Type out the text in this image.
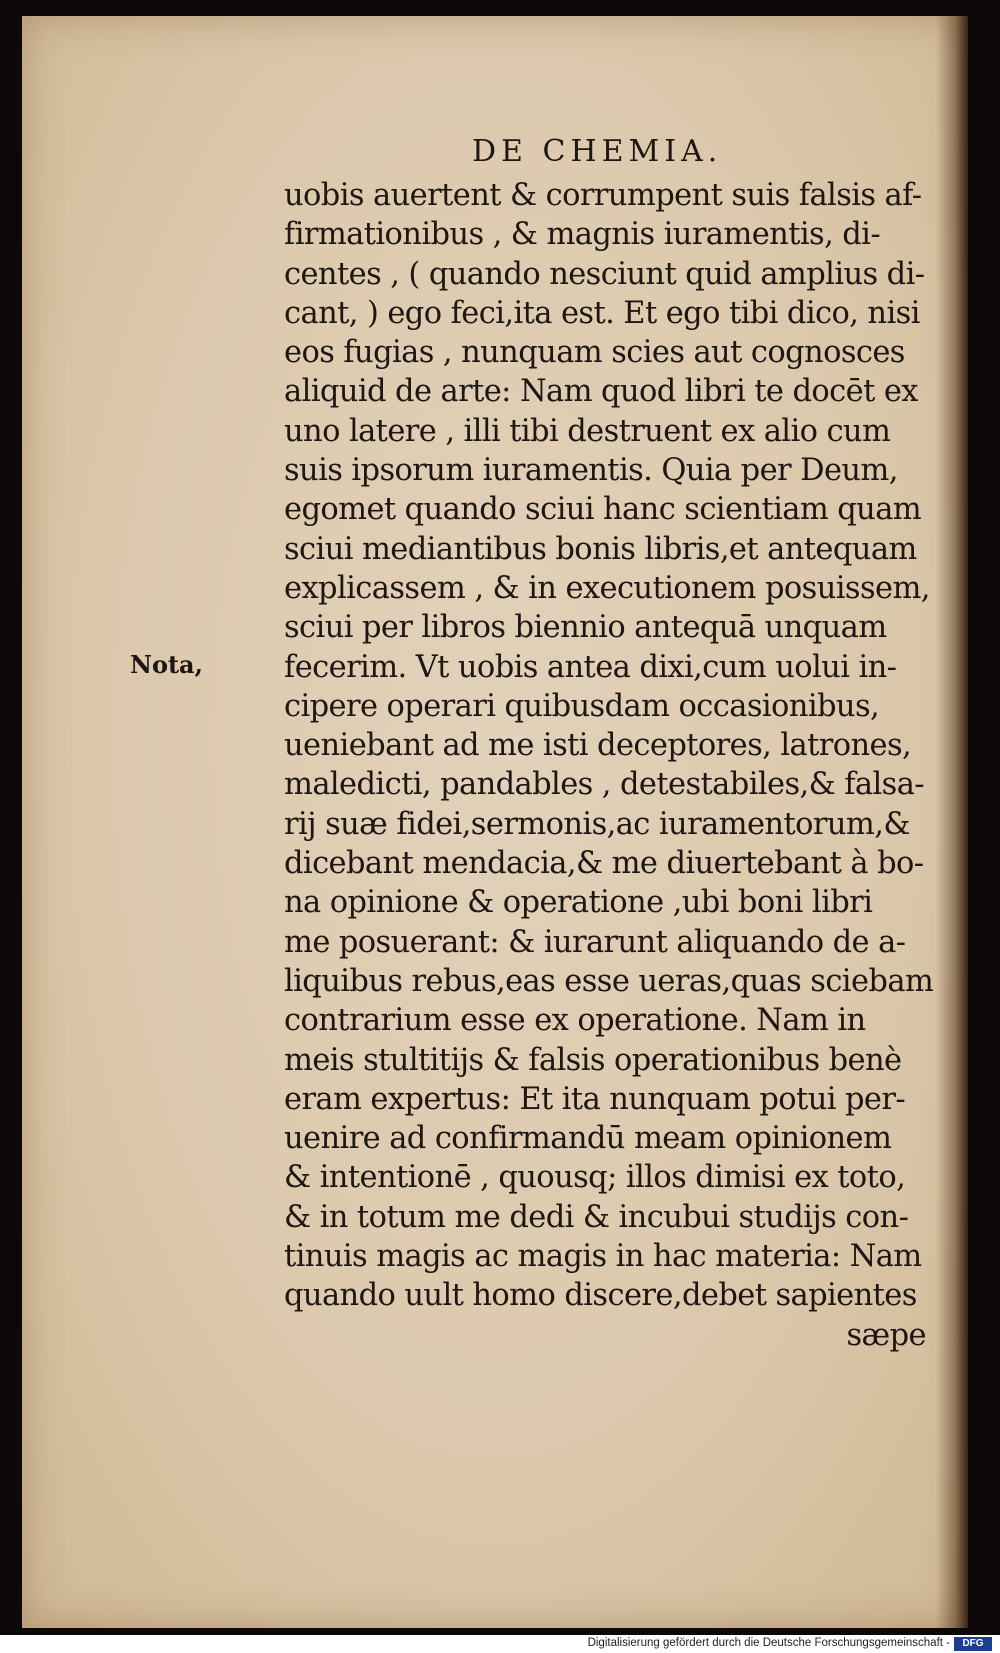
DE CHEMIA.
Nota,
uobis auertent & corrumpent suis falsis af-
firmationibus , & magnis iuramentis, di-
centes , ( quando nesciunt quid amplius di-
cant, ) ego feci,ita est. Et ego tibi dico, nisi
eos fugias , nunquam scies aut cognosces
aliquid de arte: Nam quod libri te docēt ex
uno latere , illi tibi destruent ex alio cum
suis ipsorum iuramentis. Quia per Deum,
egomet quando sciui hanc scientiam quam
sciui mediantibus bonis libris,et antequam
explicassem , & in executionem posuissem,
sciui per libros biennio antequā unquam
fecerim. Vt uobis antea dixi,cum uolui in-
cipere operari quibusdam occasionibus,
ueniebant ad me isti deceptores, latrones,
maledicti, pandables , detestabiles,& falsa-
rij suæ fidei,sermonis,ac iuramentorum,&
dicebant mendacia,& me diuertebant à bo-
na opinione & operatione ,ubi boni libri
me posuerant: & iurarunt aliquando de a-
liquibus rebus,eas esse ueras,quas sciebam
contrarium esse ex operatione. Nam in
meis stultitijs & falsis operationibus benè
eram expertus: Et ita nunquam potui per-
uenire ad confirmandū meam opinionem
& intentionē , quousq; illos dimisi ex toto,
& in totum me dedi & incubui studijs con-
tinuis magis ac magis in hac materia: Nam
quando uult homo discere,debet sapientes
sæpe
Digitalisierung gefördert durch die Deutsche Forschungsgemeinschaft -	DFG
